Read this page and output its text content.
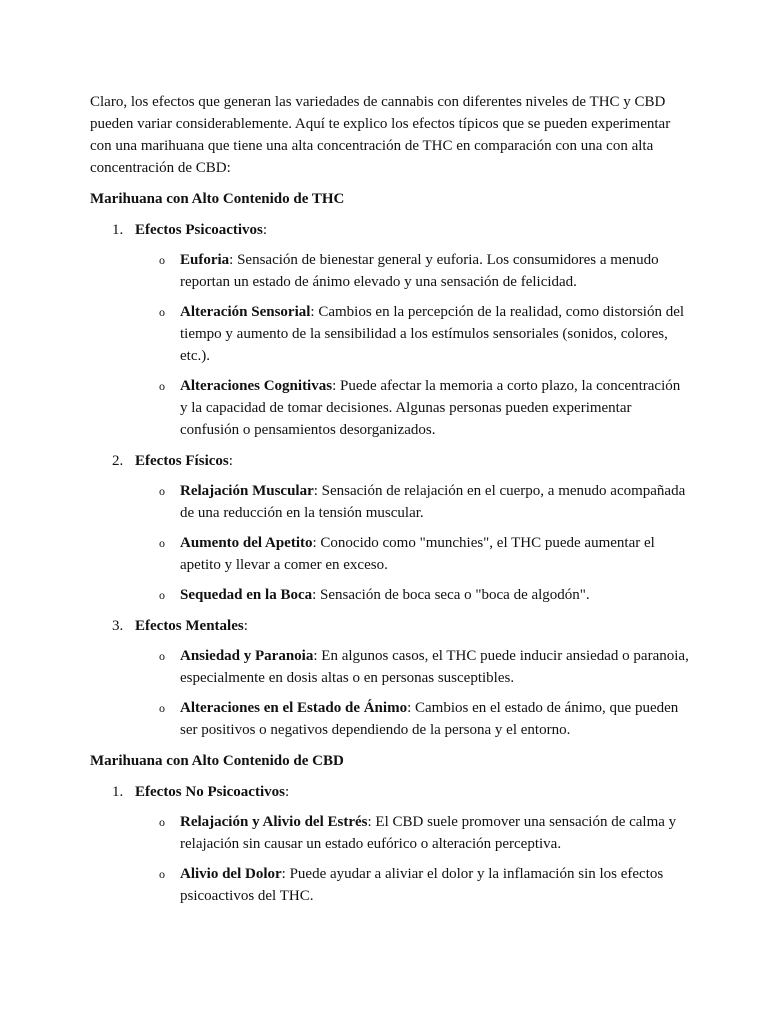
Claro, los efectos que generan las variedades de cannabis con diferentes niveles de THC y CBD pueden variar considerablemente. Aquí te explico los efectos típicos que se pueden experimentar con una marihuana que tiene una alta concentración de THC en comparación con una con alta concentración de CBD:

Marihuana con Alto Contenido de THC
1. Efectos Psicoactivos:
o Euforia: Sensación de bienestar general y euforia. Los consumidores a menudo reportan un estado de ánimo elevado y una sensación de felicidad.
o Alteración Sensorial: Cambios en la percepción de la realidad, como distorsión del tiempo y aumento de la sensibilidad a los estímulos sensoriales (sonidos, colores, etc.).
o Alteraciones Cognitivas: Puede afectar la memoria a corto plazo, la concentración y la capacidad de tomar decisiones. Algunas personas pueden experimentar confusión o pensamientos desorganizados.
2. Efectos Físicos:
o Relajación Muscular: Sensación de relajación en el cuerpo, a menudo acompañada de una reducción en la tensión muscular.
o Aumento del Apetito: Conocido como "munchies", el THC puede aumentar el apetito y llevar a comer en exceso.
o Sequedad en la Boca: Sensación de boca seca o "boca de algodón".
3. Efectos Mentales:
o Ansiedad y Paranoia: En algunos casos, el THC puede inducir ansiedad o paranoia, especialmente en dosis altas o en personas susceptibles.
o Alteraciones en el Estado de Ánimo: Cambios en el estado de ánimo, que pueden ser positivos o negativos dependiendo de la persona y el entorno.
Marihuana con Alto Contenido de CBD
1. Efectos No Psicoactivos:
o Relajación y Alivio del Estrés: El CBD suele promover una sensación de calma y relajación sin causar un estado eufórico o alteración perceptiva.
o Alivio del Dolor: Puede ayudar a aliviar el dolor y la inflamación sin los efectos psicoactivos del THC.
